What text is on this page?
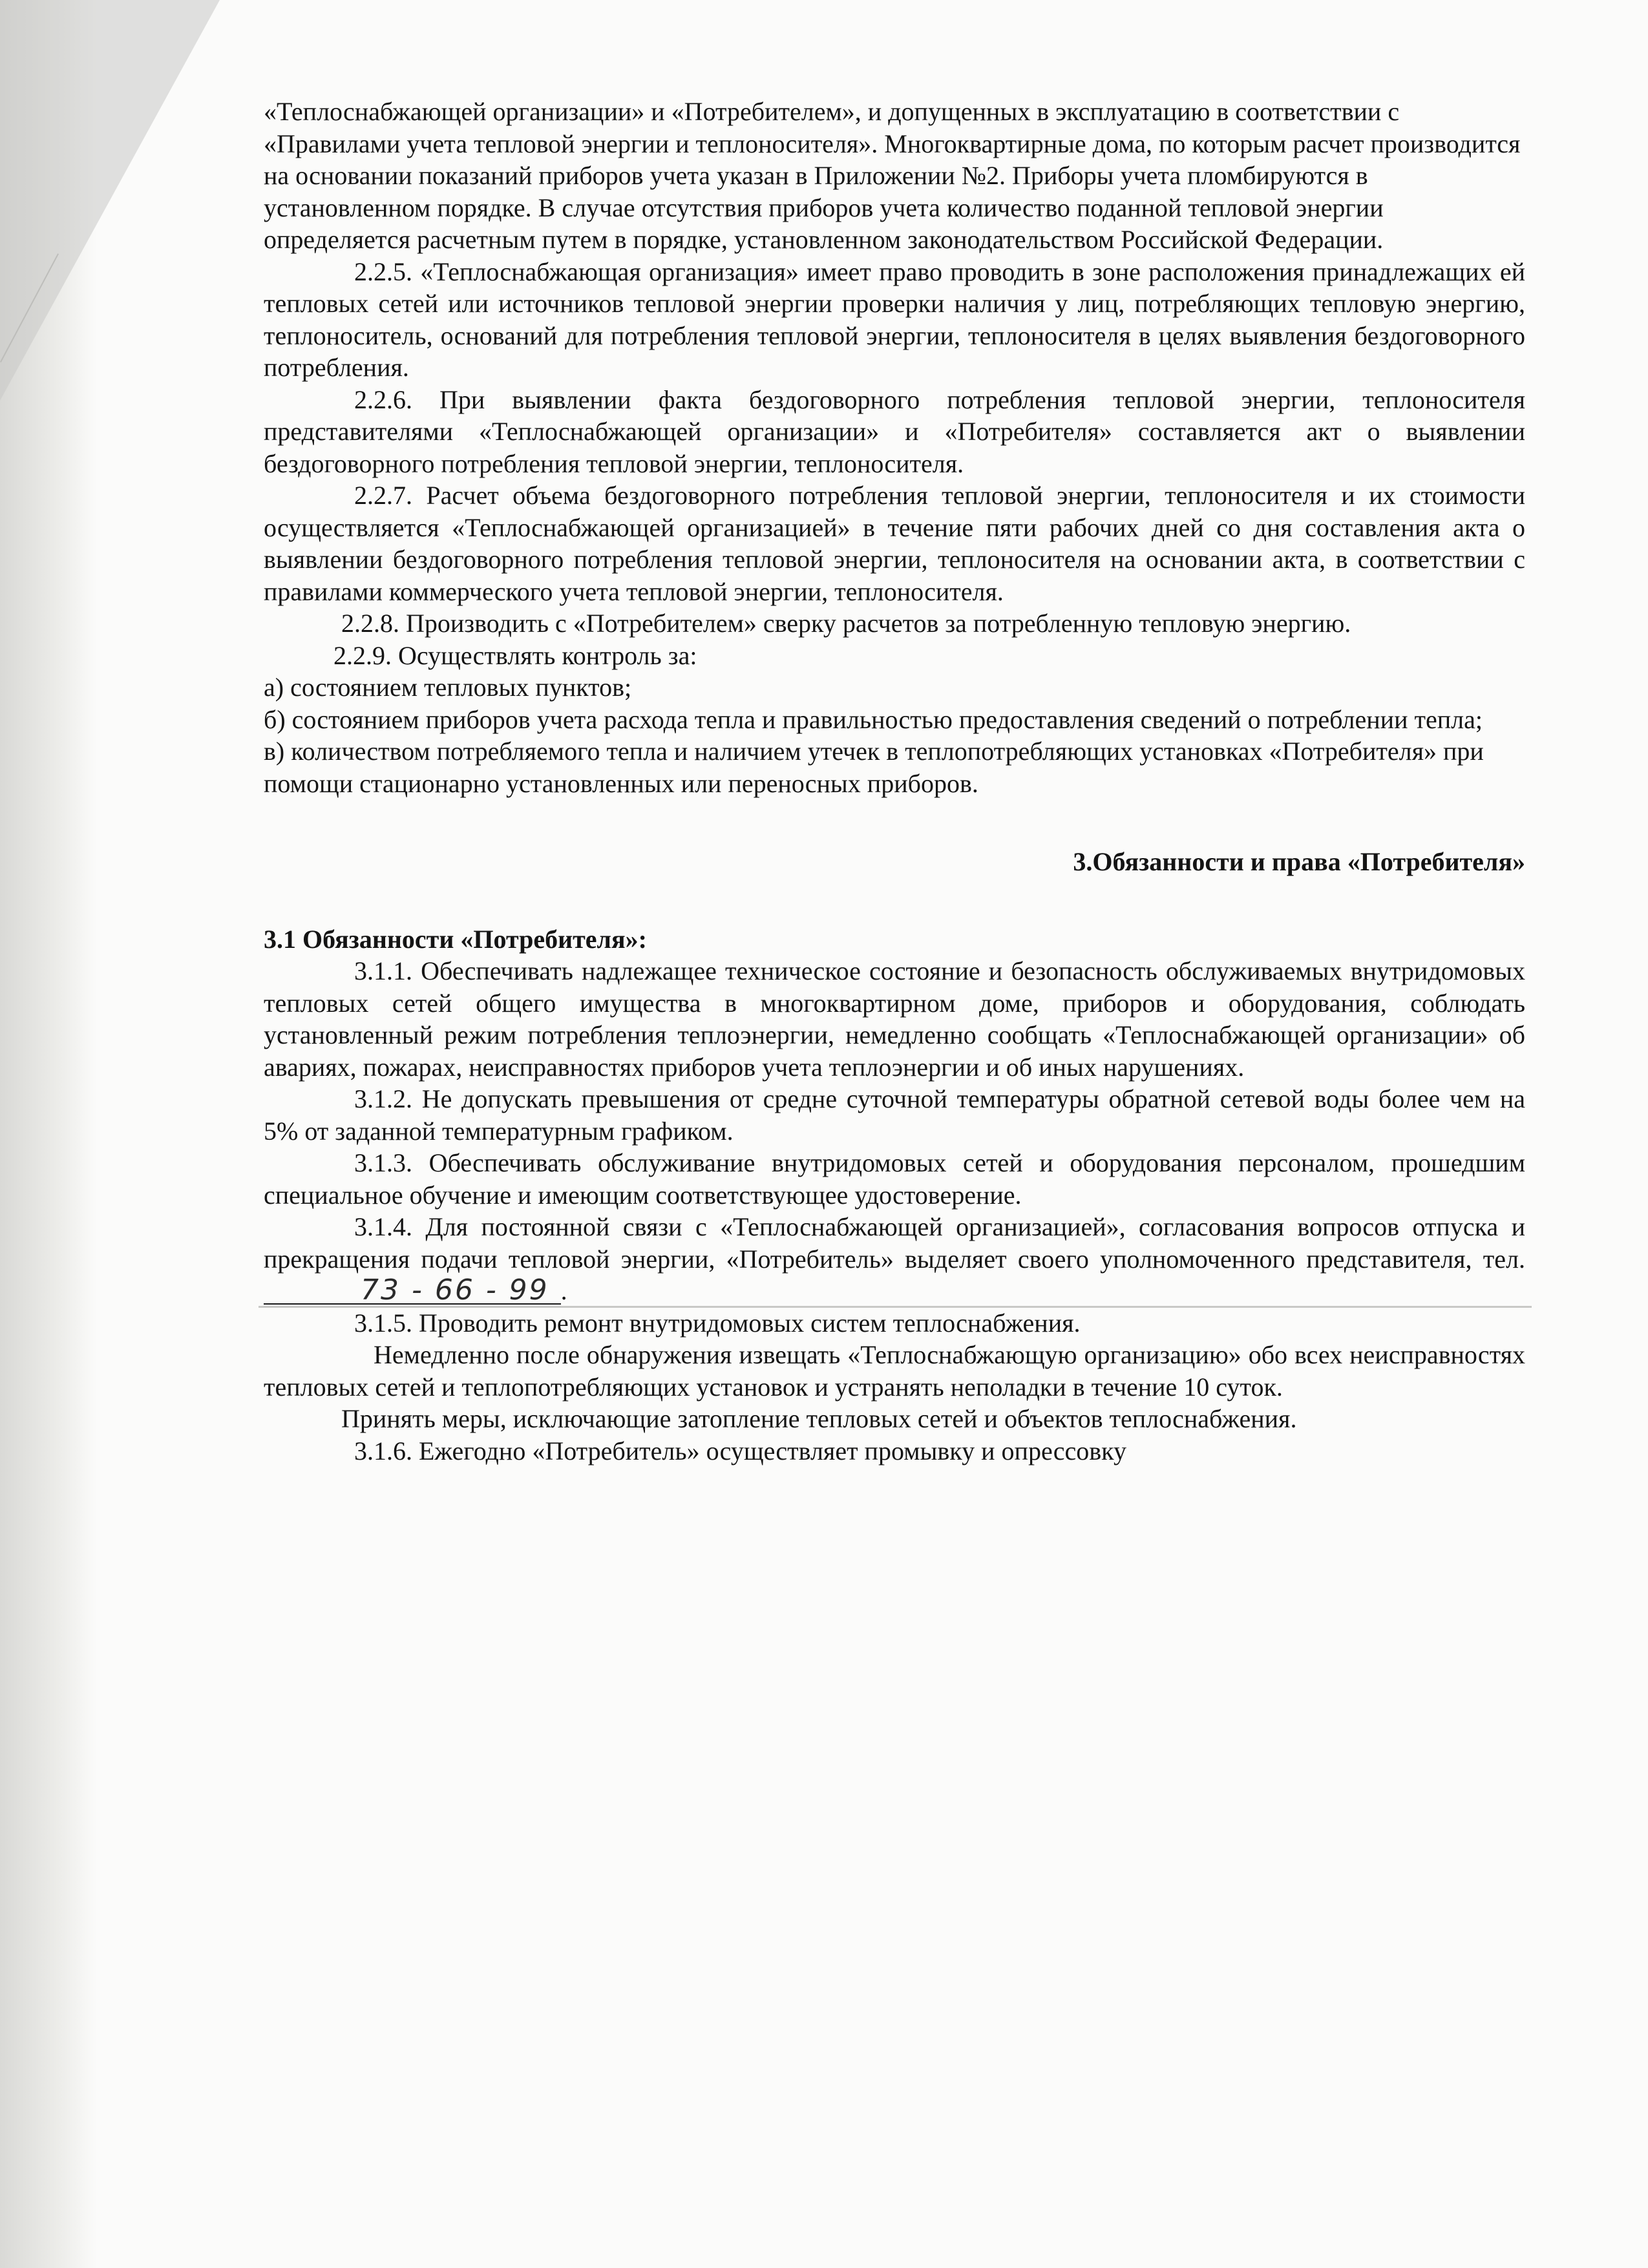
«Теплоснабжающей организации» и «Потребителем», и допущенных в эксплуатацию в соответствии с «Правилами учета тепловой энергии и теплоносителя». Многоквартирные дома, по которым расчет производится на основании показаний приборов учета указан в Приложении №2. Приборы учета пломбируются в установленном порядке. В случае отсутствия приборов учета количество поданной тепловой энергии определяется расчетным путем в порядке, установленном законодательством Российской Федерации.

2.2.5. «Теплоснабжающая организация» имеет право проводить в зоне расположения принадлежащих ей тепловых сетей или источников тепловой энергии проверки наличия у лиц, потребляющих тепловую энергию, теплоноситель, оснований для потребления тепловой энергии, теплоносителя в целях выявления бездоговорного потребления.

2.2.6. При выявлении факта бездоговорного потребления тепловой энергии, теплоносителя представителями «Теплоснабжающей организации» и «Потребителя» составляется акт о выявлении бездоговорного потребления тепловой энергии, теплоносителя.

2.2.7. Расчет объема бездоговорного потребления тепловой энергии, теплоносителя и их стоимости осуществляется «Теплоснабжающей организацией» в течение пяти рабочих дней со дня составления акта о выявлении бездоговорного потребления тепловой энергии, теплоносителя на основании акта, в соответствии с правилами коммерческого учета тепловой энергии, теплоносителя.

2.2.8. Производить с «Потребителем» сверку расчетов за потребленную тепловую энергию.

2.2.9. Осуществлять контроль за:

а) состоянием тепловых пунктов;

б) состоянием приборов учета расхода тепла и правильностью предоставления сведений о потреблении тепла;

в) количеством потребляемого тепла и наличием утечек в теплопотребляющих установках «Потребителя» при помощи стационарно установленных или переносных приборов.

3.Обязанности и права «Потребителя»

3.1 Обязанности «Потребителя»:

3.1.1. Обеспечивать надлежащее техническое состояние и безопасность обслуживаемых внутридомовых тепловых сетей общего имущества в многоквартирном доме, приборов и оборудования, соблюдать установленный режим потребления теплоэнергии, немедленно сообщать «Теплоснабжающей организации» об авариях, пожарах, неисправностях приборов учета теплоэнергии и об иных нарушениях.

3.1.2. Не допускать превышения от средне суточной температуры обратной сетевой воды более чем на 5% от заданной температурным графиком.

3.1.3. Обеспечивать обслуживание внутридомовых сетей и оборудования персоналом, прошедшим специальное обучение и имеющим соответствующее удостоверение.

3.1.4. Для постоянной связи с «Теплоснабжающей организацией», согласования вопросов отпуска и прекращения подачи тепловой энергии, «Потребитель» выделяет своего уполномоченного представителя, тел. 73 - 66 - 99 .

3.1.5. Проводить ремонт внутридомовых систем теплоснабжения.

Немедленно после обнаружения извещать «Теплоснабжающую организацию» обо всех неисправностях тепловых сетей и теплопотребляющих установок и устранять неполадки в течение 10 суток.

Принять меры, исключающие затопление тепловых сетей и объектов теплоснабжения.

3.1.6. Ежегодно «Потребитель» осуществляет промывку и опрессовку
